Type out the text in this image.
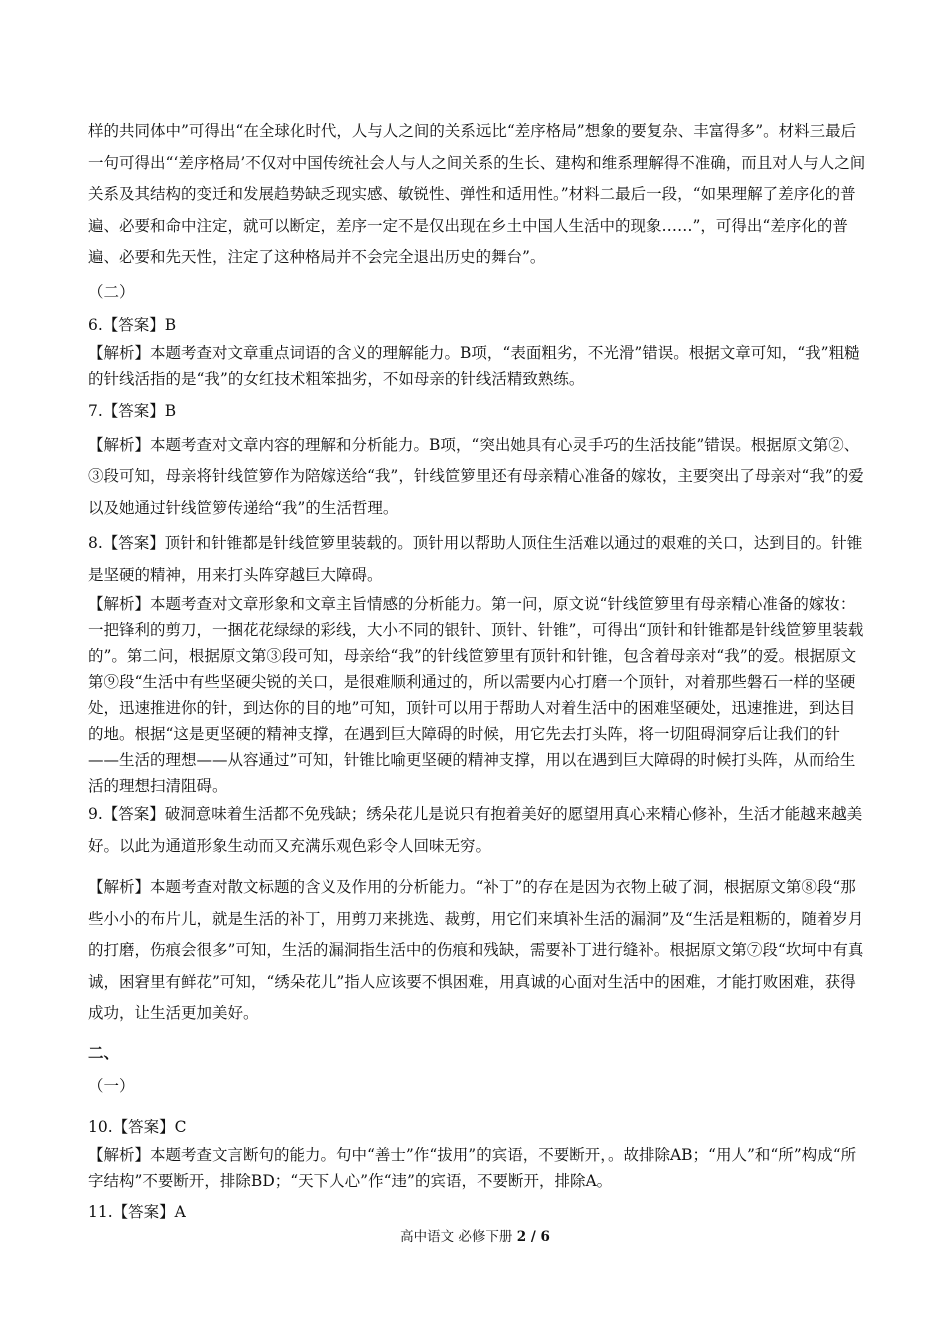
样的共同体中”可得出“在全球化时代，人与人之间的关系远比“差序格局”想象的要复杂、丰富得多”。材料三最后一句可得出“‘差序格局’不仅对中国传统社会人与人之间关系的生长、建构和维系理解得不准确，而且对人与人之间关系及其结构的变迁和发展趋势缺乏现实感、敏锐性、弹性和适用性。”材料二最后一段，“如果理解了差序化的普遍、必要和命中注定，就可以断定，差序一定不是仅出现在乡土中国人生活中的现象……”，可得出“差序化的普遍、必要和先天性，注定了这种格局并不会完全退出历史的舞台”。

（二）

6.【答案】B

【解析】本题考查对文章重点词语的含义的理解能力。B项，“表面粗劣，不光滑”错误。根据文章可知，“我”粗糙的针线活指的是“我”的女红技术粗笨拙劣，不如母亲的针线活精致熟练。

7.【答案】B

【解析】本题考查对文章内容的理解和分析能力。B项，“突出她具有心灵手巧的生活技能”错误。根据原文第②、③段可知，母亲将针线笸箩作为陪嫁送给“我”，针线笸箩里还有母亲精心准备的嫁妆，主要突出了母亲对“我”的爱以及她通过针线笸箩传递给“我”的生活哲理。

8.【答案】顶针和针锥都是针线笸箩里装载的。顶针用以帮助人顶住生活难以通过的艰难的关口，达到目的。针锥是坚硬的精神，用来打头阵穿越巨大障碍。

【解析】本题考查对文章形象和文章主旨情感的分析能力。第一问，原文说“针线笸箩里有母亲精心准备的嫁妆：一把锋利的剪刀，一捆花花绿绿的彩线，大小不同的银针、顶针、针锥”，可得出“顶针和针锥都是针线笸箩里装载的”。第二问，根据原文第③段可知，母亲给“我”的针线笸箩里有顶针和针锥，包含着母亲对“我”的爱。根据原文第⑨段“生活中有些坚硬尖锐的关口，是很难顺利通过的，所以需要内心打磨一个顶针，对着那些磐石一样的坚硬处，迅速推进你的针，到达你的目的地”可知，顶针可以用于帮助人对着生活中的困难坚硬处，迅速推进，到达目的地。根据“这是更坚硬的精神支撑，在遇到巨大障碍的时候，用它先去打头阵，将一切阻碍洞穿后让我们的针——生活的理想——从容通过”可知，针锥比喻更坚硬的精神支撑，用以在遇到巨大障碍的时候打头阵，从而给生活的理想扫清阻碍。

9.【答案】破洞意味着生活都不免残缺；绣朵花儿是说只有抱着美好的愿望用真心来精心修补，生活才能越来越美好。以此为通道形象生动而又充满乐观色彩令人回味无穷。

【解析】本题考查对散文标题的含义及作用的分析能力。“补丁”的存在是因为衣物上破了洞，根据原文第⑧段“那些小小的布片儿，就是生活的补丁，用剪刀来挑选、裁剪，用它们来填补生活的漏洞”及“生活是粗粝的，随着岁月的打磨，伤痕会很多”可知，生活的漏洞指生活中的伤痕和残缺，需要补丁进行缝补。根据原文第⑦段“坎坷中有真诚，困窘里有鲜花”可知，“绣朵花儿”指人应该要不惧困难，用真诚的心面对生活中的困难，才能打败困难，获得成功，让生活更加美好。

二、

（一）

10.【答案】C

【解析】本题考查文言断句的能力。句中“善士”作“拔用”的宾语，不要断开，。故排除AB；“用人”和“所”构成“所字结构”不要断开，排除BD；“天下人心”作“违”的宾语，不要断开，排除A。

11.【答案】A

高中语文 必修下册 2 / 6
